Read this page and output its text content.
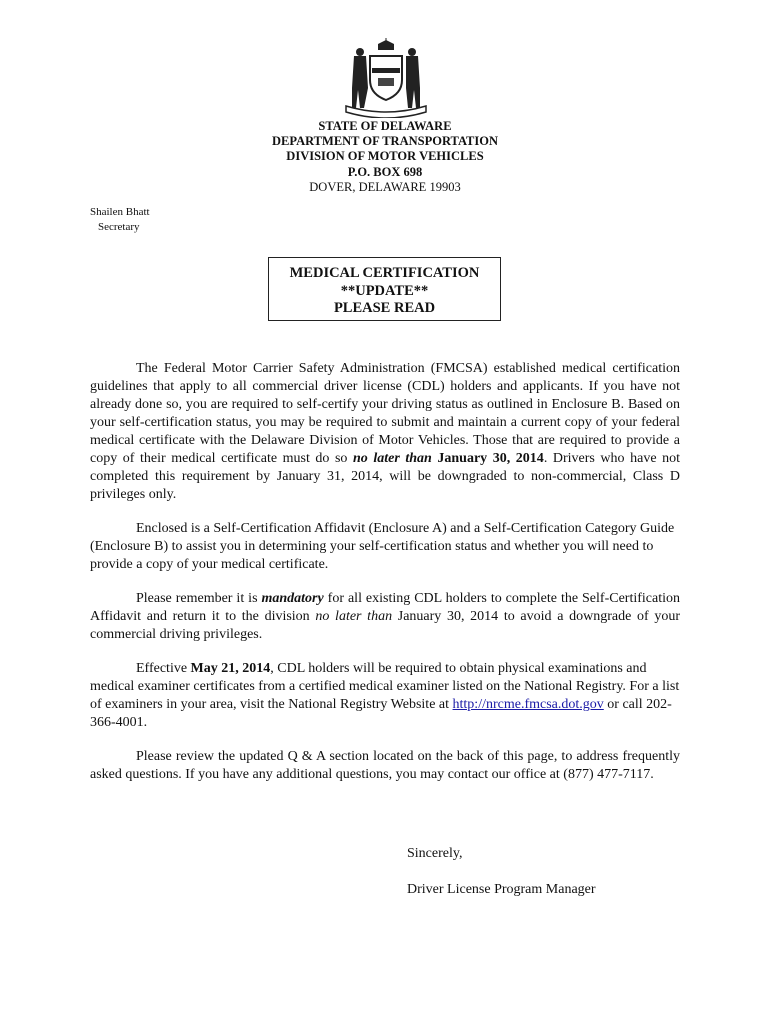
STATE OF DELAWARE
DEPARTMENT OF TRANSPORTATION
DIVISION OF MOTOR VEHICLES
P.O. BOX 698
DOVER, DELAWARE 19903
Shailen Bhatt
Secretary
MEDICAL CERTIFICATION
**UPDATE**
PLEASE READ

The Federal Motor Carrier Safety Administration (FMCSA) established medical certification guidelines that apply to all commercial driver license (CDL) holders and applicants. If you have not already done so, you are required to self-certify your driving status as outlined in Enclosure B. Based on your self-certification status, you may be required to submit and maintain a current copy of your federal medical certificate with the Delaware Division of Motor Vehicles. Those that are required to provide a copy of their medical certificate must do so no later than January 30, 2014. Drivers who have not completed this requirement by January 31, 2014, will be downgraded to non-commercial, Class D privileges only.

Enclosed is a Self-Certification Affidavit (Enclosure A) and a Self-Certification Category Guide (Enclosure B) to assist you in determining your self-certification status and whether you will need to provide a copy of your medical certificate.

Please remember it is mandatory for all existing CDL holders to complete the Self-Certification Affidavit and return it to the division no later than January 30, 2014 to avoid a downgrade of your commercial driving privileges.

Effective May 21, 2014, CDL holders will be required to obtain physical examinations and medical examiner certificates from a certified medical examiner listed on the National Registry. For a list of examiners in your area, visit the National Registry Website at http://nrcme.fmcsa.dot.gov or call 202-366-4001.

Please review the updated Q & A section located on the back of this page, to address frequently asked questions. If you have any additional questions, you may contact our office at (877) 477-7117.

Sincerely,
Driver License Program Manager
